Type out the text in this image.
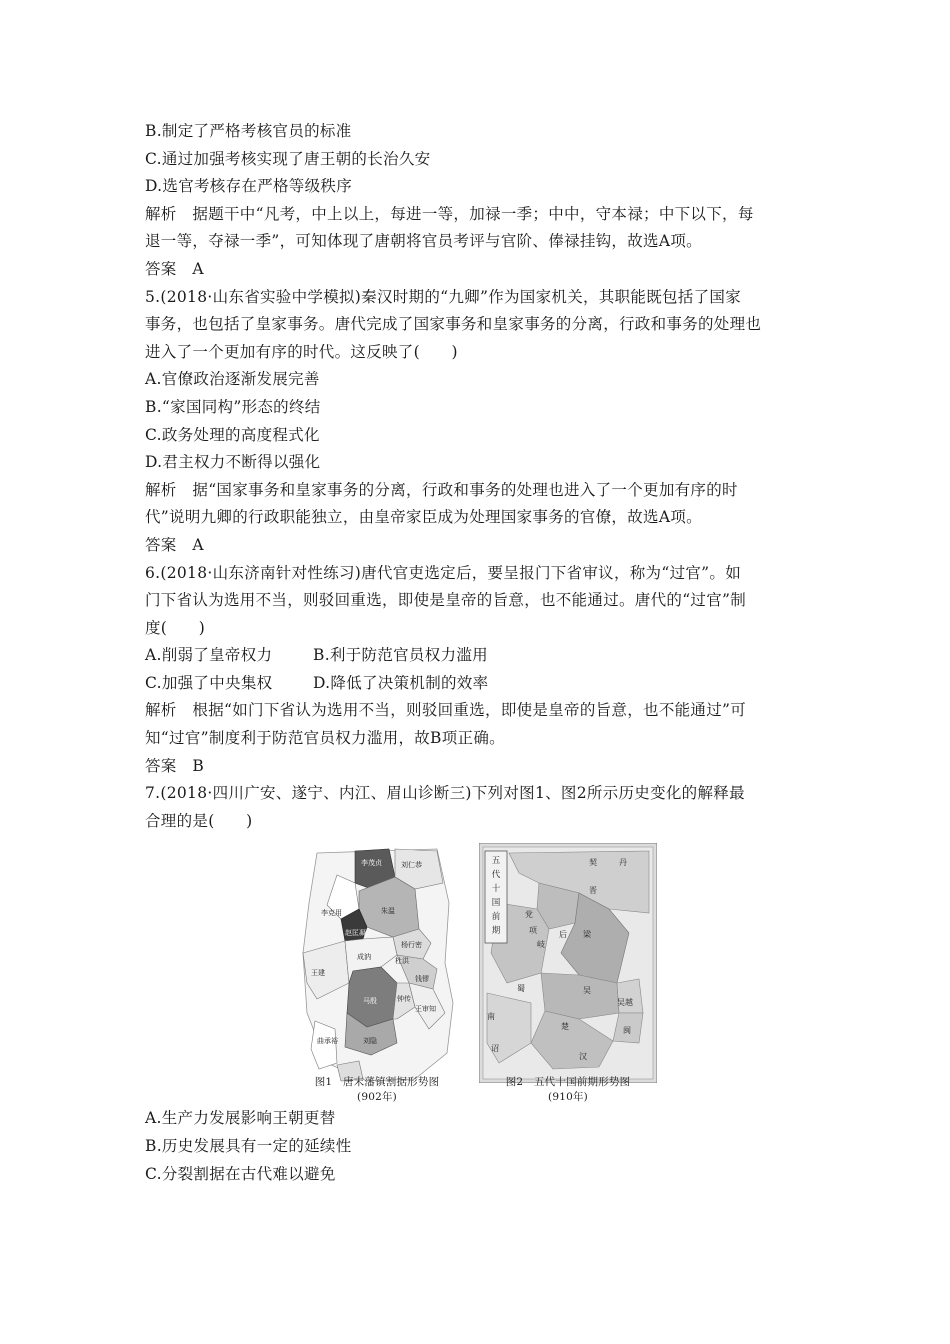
B.制定了严格考核官员的标准
C.通过加强考核实现了唐王朝的长治久安
D.选官考核存在严格等级秩序
解析　据题干中“凡考，中上以上，每进一等，加禄一季；中中，守本禄；中下以下，每
退一等，夺禄一季”，可知体现了唐朝将官员考评与官阶、俸禄挂钩，故选A项。
答案　A
5.(2018·山东省实验中学模拟)秦汉时期的“九卿”作为国家机关，其职能既包括了国家
事务，也包括了皇家事务。唐代完成了国家事务和皇家事务的分离，行政和事务的处理也
进入了一个更加有序的时代。这反映了(　　)
A.官僚政治逐渐发展完善
B.“家国同构”形态的终结
C.政务处理的高度程式化
D.君主权力不断得以强化
解析　据“国家事务和皇家事务的分离，行政和事务的处理也进入了一个更加有序的时
代”说明九卿的行政职能独立，由皇帝家臣成为处理国家事务的官僚，故选A项。
答案　A
6.(2018·山东济南针对性练习)唐代官吏选定后，要呈报门下省审议，称为“过官”。如
门下省认为选用不当，则驳回重选，即使是皇帝的旨意，也不能通过。唐代的“过官”制
度(　　)
A.削弱了皇帝权力	B.利于防范官员权力滥用
C.加强了中央集权	D.降低了决策机制的效率
解析　根据“如门下省认为选用不当，则驳回重选，即使是皇帝的旨意，也不能通过”可
知“过官”制度利于防范官员权力滥用，故B项正确。
答案　B
7.(2018·四川广安、遂宁、内江、眉山诊断三)下列对图1、图2所示历史变化的解释最
合理的是(　　)
李茂贞	刘仁恭
李克用	朱温
赵匡凝
杨行密
王建
成汭	杜洪
钱镠
马殷	钟传
王审知
刘隐
曲承裕
图1　唐末藩镇割据形势图
(902年)
五
代
十
国
前
期
契	丹
晋
党
项
岐
后 梁
蜀	吴
楚	闽
吴越
南
诏
汉
图2　五代十国前期形势图
(910年)
A.生产力发展影响王朝更替
B.历史发展具有一定的延续性
C.分裂割据在古代难以避免
